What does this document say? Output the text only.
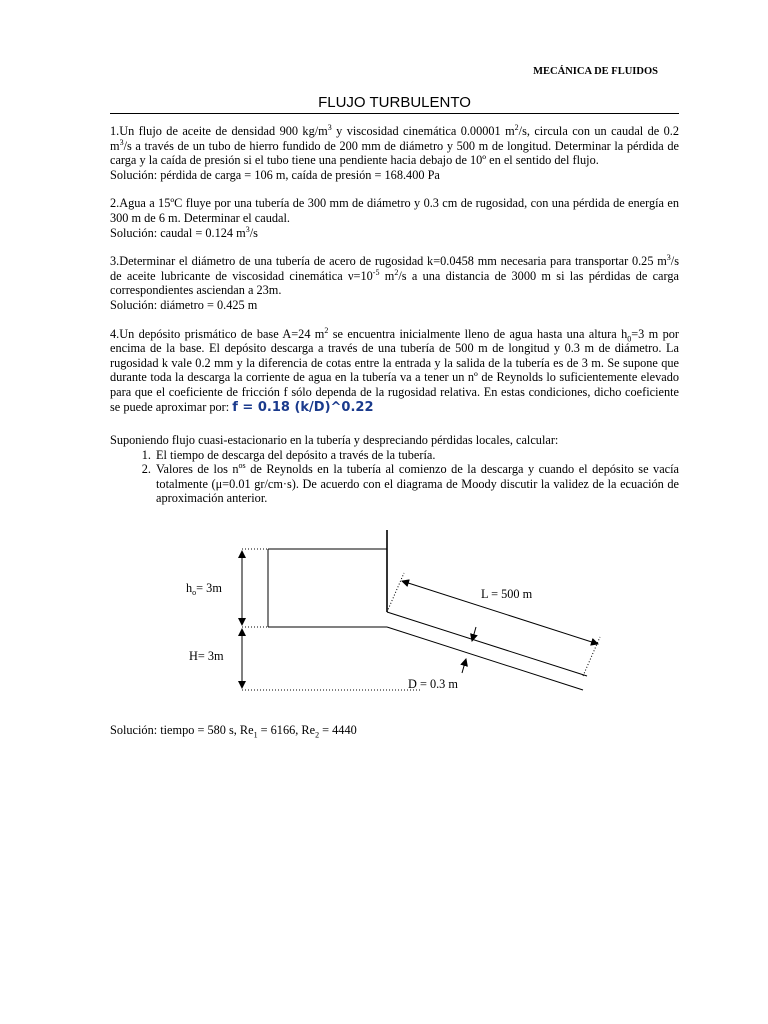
MECÁNICA DE FLUIDOS
FLUJO TURBULENTO

1.Un flujo de aceite de densidad 900 $kg/m^3$ y viscosidad cinemática 0.00001 $m^2/s$, circula con un caudal de 0.2 $m^3/s$ a través de un tubo de hierro fundido de 200 mm de diámetro y 500 m de longitud. Determinar la pérdida de carga y la caída de presión si el tubo tiene una pendiente hacia debajo de 10º en el sentido del flujo.

Solución: pérdida de carga = 106 m, caída de presión = 168.400 Pa

2.Agua a 15ºC fluye por una tubería de 300 mm de diámetro y 0.3 cm de rugosidad, con una pérdida de energía en 300 m de 6 m. Determinar el caudal.

Solución: caudal = 0.124 $m^3/s$

3.Determinar el diámetro de una tubería de acero de rugosidad k=0.0458 mm necesaria para transportar 0.25 $m^3/s$ de aceite lubricante de viscosidad cinemática $\nu=10^{-5}$ $m^2/s$ a una distancia de 3000 m si las pérdidas de carga correspondientes asciendan a 23m.

Solución: diámetro = 0.425 m

4.Un depósito prismático de base A=24 $m^2$ se encuentra inicialmente lleno de agua hasta una altura $h_0=3$ m por encima de la base. El depósito descarga a través de una tubería de 500 m de longitud y 0.3 m de diámetro. La rugosidad k vale 0.2 mm y la diferencia de cotas entre la entrada y la salida de la tubería es de 3 m. Se supone que durante toda la descarga la corriente de agua en la tubería va a tener un nº de Reynolds lo suficientemente elevado para que el coeficiente de fricción f sólo dependa de la rugosidad relativa. En estas condiciones, dicho coeficiente se puede aproximar por: f = 0.18 (k/D)^0.22

Suponiendo flujo cuasi-estacionario en la tubería y despreciando pérdidas locales, calcular:

1. El tiempo de descarga del depósito a través de la tubería.
2. Valores de los $n^{os}$ de Reynolds en la tubería al comienzo de la descarga y cuando el depósito se vacía totalmente (μ=0.01 gr/cm·s). De acuerdo con el diagrama de Moody discutir la validez de la ecuación de aproximación anterior.
$h_o= 3m$
H= 3m
L = 500 m
D = 0.3 m
Solución: tiempo = 580 s, $Re_1 = 6166$, $Re_2 = 4440$
